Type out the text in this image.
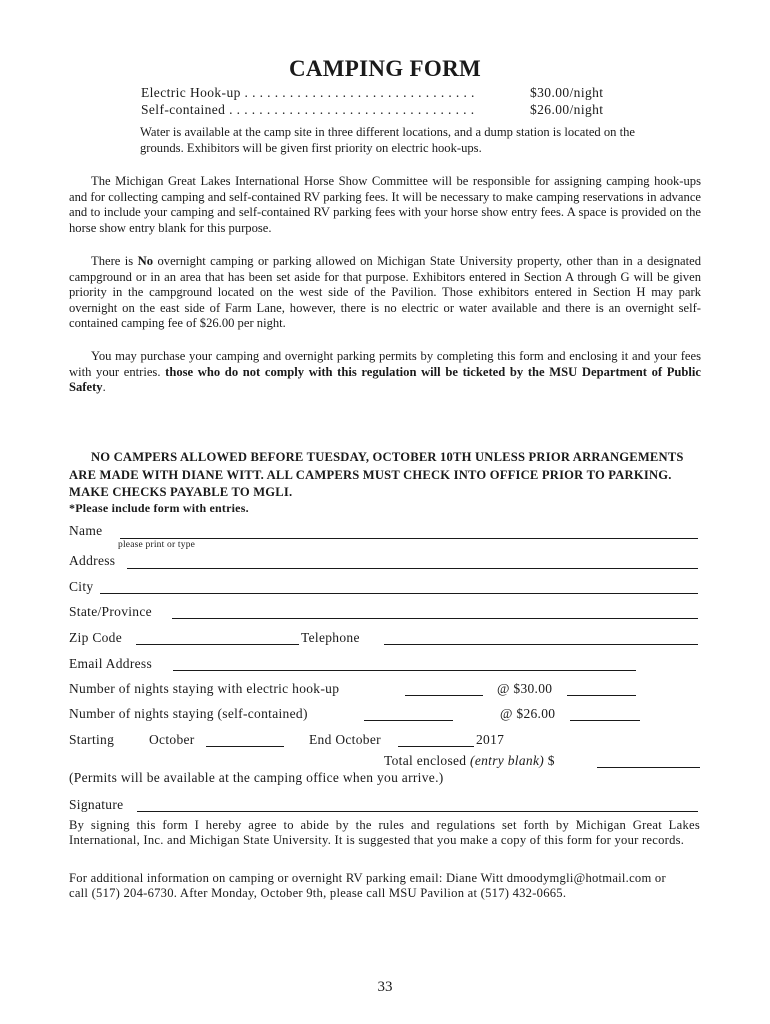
CAMPING FORM
Electric Hook-up . . . . . . . . . . . . . . . . . . . . . . . . . . . . . . .	$30.00/night
Self-contained . . . . . . . . . . . . . . . . . . . . . . . . . . . . . . . . .	$26.00/night
Water is available at the camp site in three different locations, and a dump station is located on the grounds. Exhibitors will be given first priority on electric hook-ups.
The Michigan Great Lakes International Horse Show Committee will be responsible for assigning camping hook-ups and for collecting camping and self-contained RV parking fees. It will be necessary to make camping reservations in advance and to include your camping and self-contained RV parking fees with your horse show entry fees. A space is provided on the horse show entry blank for this purpose.
There is No overnight camping or parking allowed on Michigan State University property, other than in a designated campground or in an area that has been set aside for that purpose. Exhibitors entered in Section A through G will be given priority in the campground located on the west side of the Pavilion. Those exhibitors entered in Section H may park overnight on the east side of Farm Lane, however, there is no electric or water available and there is an overnight self-contained camping fee of $26.00 per night.
You may purchase your camping and overnight parking permits by completing this form and enclosing it and your fees with your entries. those who do not comply with this regulation will be ticketed by the MSU Department of Public Safety.
NO CAMPERS ALLOWED BEFORE TUESDAY, OCTOBER 10TH UNLESS PRIOR ARRANGEMENTS ARE MADE WITH DIANE WITT. ALL CAMPERS MUST CHECK INTO OFFICE PRIOR TO PARKING. MAKE CHECKS PAYABLE TO MGLI.
*Please include form with entries.
Name
please print or type
Address
City
State/Province
Zip Code	Telephone
Email Address
Number of nights staying with electric hook-up	@ $30.00
Number of nights staying (self-contained)	@ $26.00
Starting	October	End October	2017
Total enclosed (entry blank) $
(Permits will be available at the camping office when you arrive.)
Signature
By signing this form I hereby agree to abide by the rules and regulations set forth by Michigan Great Lakes International, Inc. and Michigan State University. It is suggested that you make a copy of this form for your records.
For additional information on camping or overnight RV parking email: Diane Witt dmoodymgli@hotmail.com or call (517) 204-6730. After Monday, October 9th, please call MSU Pavilion at (517) 432-0665.
33
